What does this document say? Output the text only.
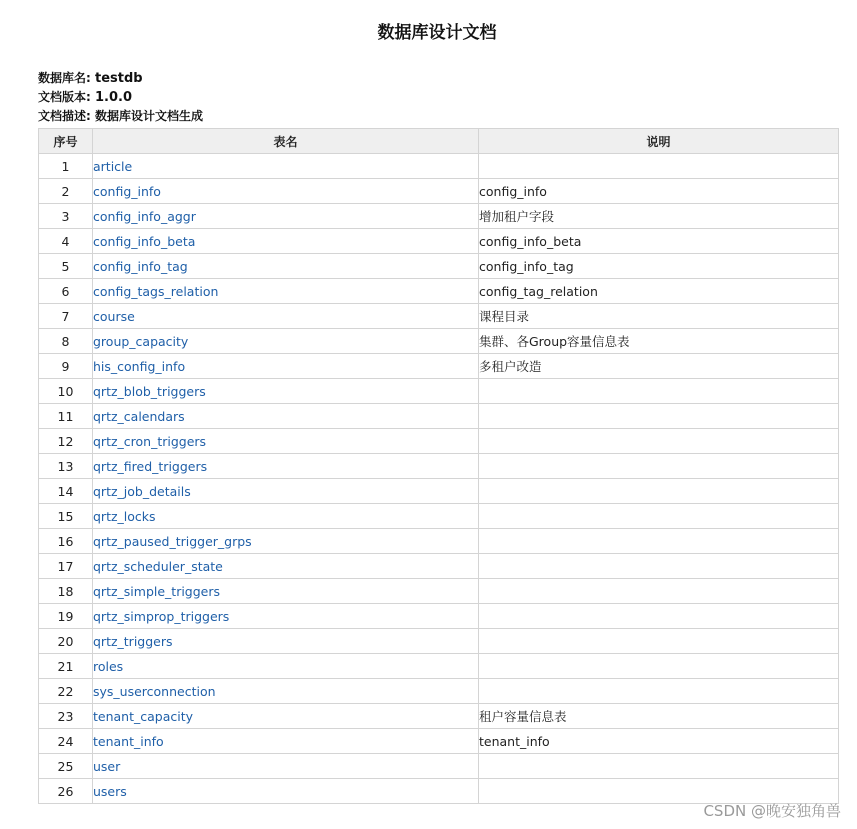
数据库设计文档
数据库名: testdb
文档版本: 1.0.0
文档描述: 数据库设计文档生成
序号	表名	说明
1	article	
2	config_info	config_info
3	config_info_aggr	增加租户字段
4	config_info_beta	config_info_beta
5	config_info_tag	config_info_tag
6	config_tags_relation	config_tag_relation
7	course	课程目录
8	group_capacity	集群、各Group容量信息表
9	his_config_info	多租户改造
10	qrtz_blob_triggers	
11	qrtz_calendars	
12	qrtz_cron_triggers	
13	qrtz_fired_triggers	
14	qrtz_job_details	
15	qrtz_locks	
16	qrtz_paused_trigger_grps	
17	qrtz_scheduler_state	
18	qrtz_simple_triggers	
19	qrtz_simprop_triggers	
20	qrtz_triggers	
21	roles	
22	sys_userconnection	
23	tenant_capacity	租户容量信息表
24	tenant_info	tenant_info
25	user	
26	users	
CSDN @晚安独角兽
